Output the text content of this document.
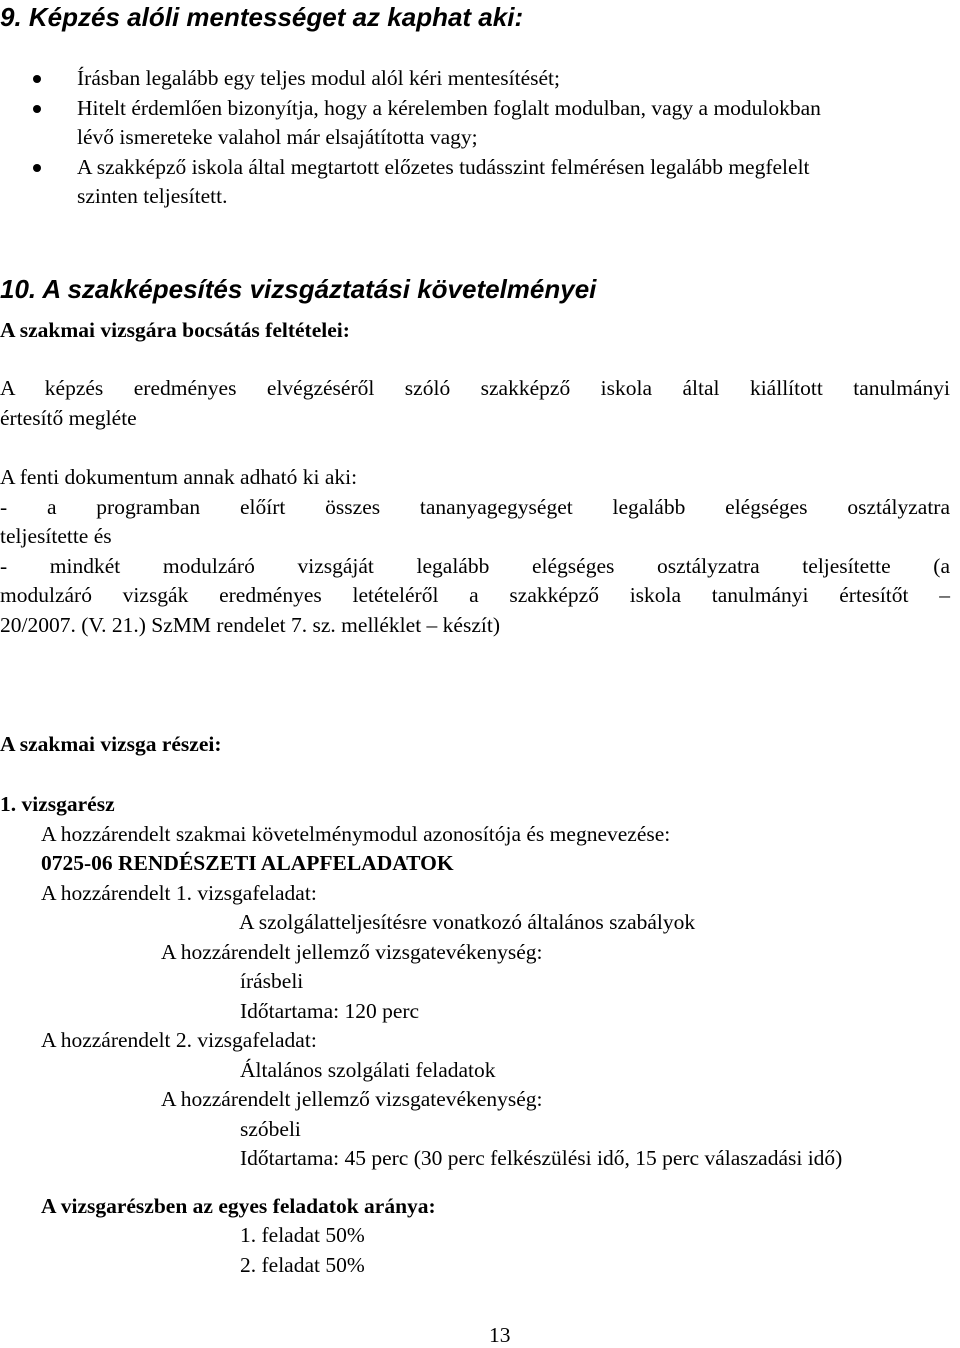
9. Képzés alóli mentességet az kaphat aki:
Írásban legalább egy teljes modul alól kéri mentesítését;
Hitelt érdemlően bizonyítja, hogy a kérelemben foglalt modulban, vagy a modulokban
lévő ismereteke valahol már elsajátította vagy;
A szakképző iskola által megtartott előzetes tudásszint felmérésen legalább megfelelt
szinten teljesített.
10. A szakképesítés vizsgáztatási követelményei
A szakmai vizsgára bocsátás feltételei:
A képzés eredményes elvégzéséről szóló szakképző iskola által kiállított tanulmányi
értesítő megléte
A fenti dokumentum annak adható ki aki:
- a programban előírt összes tananyagegységet legalább elégséges osztályzatra
teljesítette és
- mindkét modulzáró vizsgáját legalább elégséges osztályzatra teljesítette (a
modulzáró vizsgák eredményes letételéről a szakképző iskola tanulmányi értesítőt –
20/2007. (V. 21.) SzMM rendelet 7. sz. melléklet – készít)
A szakmai vizsga részei:
1. vizsgarész
A hozzárendelt szakmai követelménymodul azonosítója és megnevezése:
0725-06 RENDÉSZETI ALAPFELADATOK
A hozzárendelt 1. vizsgafeladat:
A szolgálatteljesítésre vonatkozó általános szabályok
A hozzárendelt jellemző vizsgatevékenység:
írásbeli
Időtartama: 120 perc
A hozzárendelt 2. vizsgafeladat:
Általános szolgálati feladatok
A hozzárendelt jellemző vizsgatevékenység:
szóbeli
Időtartama: 45 perc (30 perc felkészülési idő, 15 perc válaszadási idő)
A vizsgarészben az egyes feladatok aránya:
1. feladat 50%
2. feladat 50%
13
